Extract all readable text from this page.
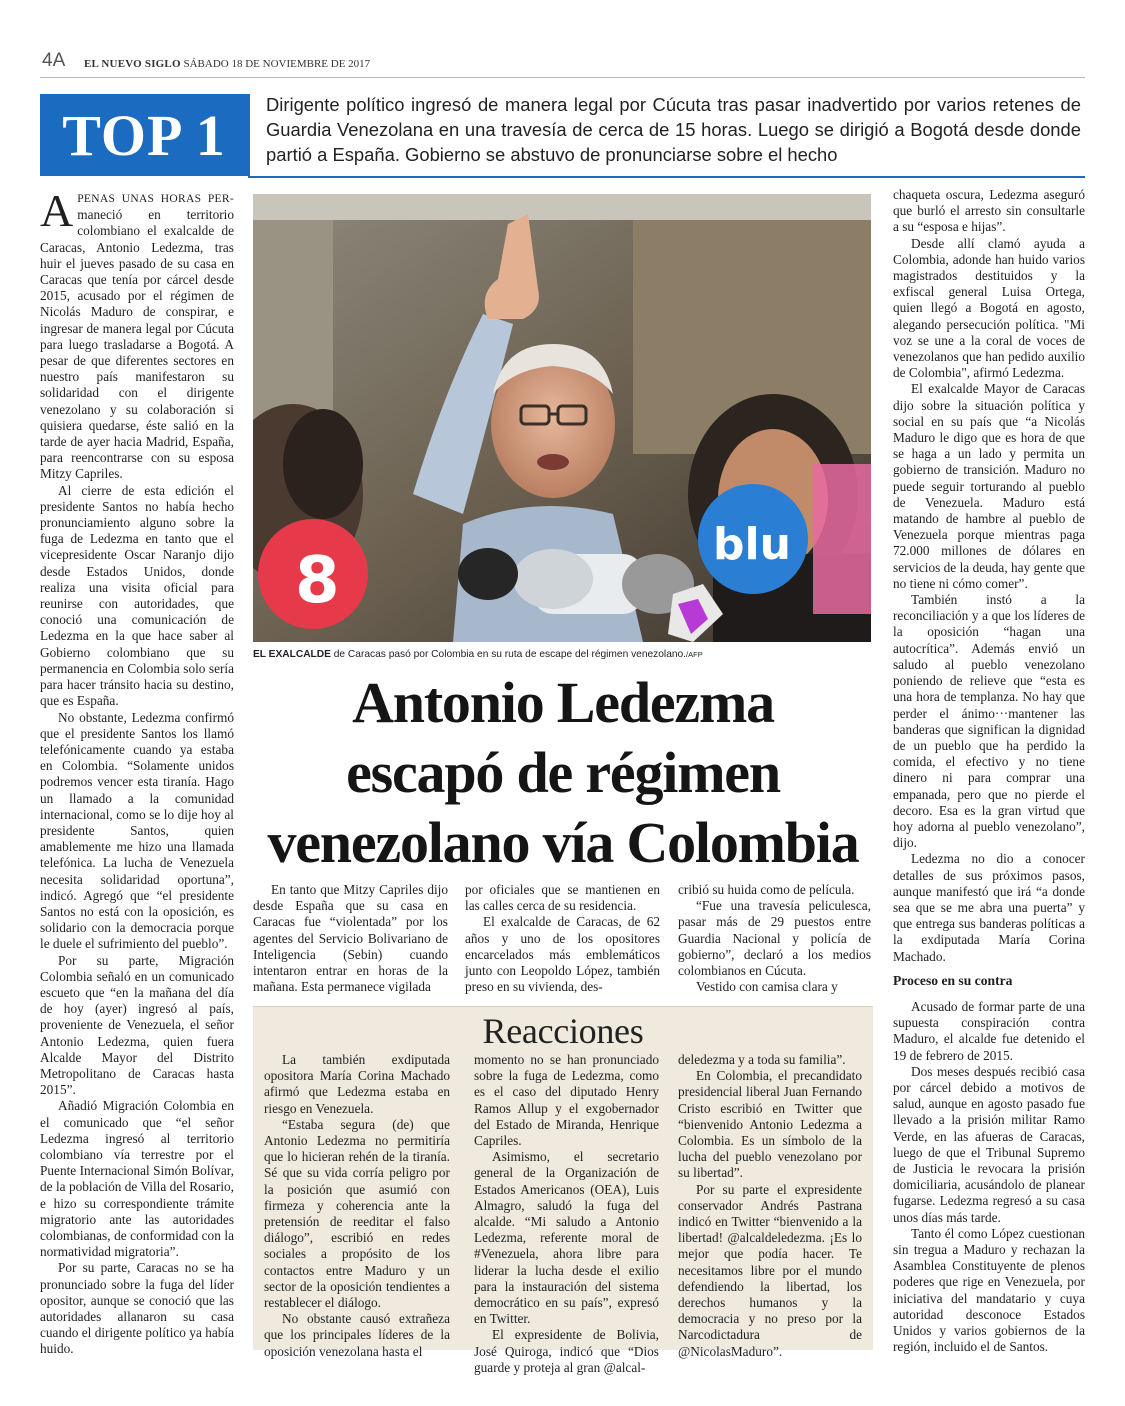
4A EL NUEVO SIGLO SÁBADO 18 DE NOVIEMBRE DE 2017
TOP 1	Dirigente político ingresó de manera legal por Cúcuta tras pasar inadvertido por varios retenes de Guardia Venezolana en una travesía de cerca de 15 horas. Luego se dirigió a Bogotá desde donde partió a España. Gobierno se abstuvo de pronunciarse sobre el hecho

APENAS UNAS HORAS PER- maneció en territorio colombiano el exalcalde de Caracas, Antonio Ledezma, tras huir el jueves pasado de su casa en Caracas que tenía por cárcel desde 2015, acusado por el régimen de Nicolás Maduro de conspirar, e ingresar de manera legal por Cúcuta para luego trasladarse a Bogotá. A pesar de que diferentes sectores en nuestro país manifestaron su solidaridad con el dirigente venezolano y su colaboración si quisiera quedarse, éste salió en la tarde de ayer hacia Madrid, España, para reencontrarse con su esposa Mitzy Capriles.

Al cierre de esta edición el presidente Santos no había hecho pronunciamiento alguno sobre la fuga de Ledezma en tanto que el vicepresidente Oscar Naranjo dijo desde Estados Unidos, donde realiza una visita oficial para reunirse con autoridades, que conoció una comunicación de Ledezma en la que hace saber al Gobierno colombiano que su permanencia en Colombia solo sería para hacer tránsito hacia su destino, que es España.

No obstante, Ledezma confirmó que el presidente Santos los llamó telefónicamente cuando ya estaba en Colombia. “Solamente unidos podremos vencer esta tiranía. Hago un llamado a la comunidad internacional, como se lo dije hoy al presidente Santos, quien amablemente me hizo una llamada telefónica. La lucha de Venezuela necesita solidaridad oportuna”, indicó. Agregó que “el presidente Santos no está con la oposición, es solidario con la democracia porque le duele el sufrimiento del pueblo”.

Por su parte, Migración Colombia señaló en un comunicado escueto que “en la mañana del día de hoy (ayer) ingresó al país, proveniente de Venezuela, el señor Antonio Ledezma, quien fuera Alcalde Mayor del Distrito Metropolitano de Caracas hasta 2015”.

Añadió Migración Colombia en el comunicado que “el señor Ledezma ingresó al territorio colombiano vía terrestre por el Puente Internacional Simón Bolívar, de la población de Villa del Rosario, e hizo su correspondiente trámite migratorio ante las autoridades colombianas, de conformidad con la normatividad migratoria”.

Por su parte, Caracas no se ha pronunciado sobre la fuga del líder opositor, aunque se conoció que las autoridades allanaron su casa cuando el dirigente político ya había huido.

8	blu
EL EXALCALDE de Caracas pasó por Colombia en su ruta de escape del régimen venezolano./AFP
Antonio Ledezma
escapó de régimen
venezolano vía Colombia

En tanto que Mitzy Capriles dijo desde España que su casa en Caracas fue “violentada” por los agentes del Servicio Bolivariano de Inteligencia (Sebin) cuando intentaron entrar en horas de la mañana. Esta permanece vigilada

por oficiales que se mantienen en las calles cerca de su residencia.

El exalcalde de Caracas, de 62 años y uno de los opositores encarcelados más emblemáticos junto con Leopoldo López, también preso en su vivienda, des-

cribió su huida como de película.

“Fue una travesía peliculesca, pasar más de 29 puestos entre Guardia Nacional y policía de gobierno”, declaró a los medios colombianos en Cúcuta.

Vestido con camisa clara y

Reacciones

La también exdiputada opositora María Corina Machado afirmó que Ledezma estaba en riesgo en Venezuela.

“Estaba segura (de) que Antonio Ledezma no permitiría que lo hicieran rehén de la tiranía. Sé que su vida corría peligro por la posición que asumió con firmeza y coherencia ante la pretensión de reeditar el falso diálogo”, escribió en redes sociales a propósito de los contactos entre Maduro y un sector de la oposición tendientes a restablecer el diálogo.

No obstante causó extrañeza que los principales líderes de la oposición venezolana hasta el

momento no se han pronunciado sobre la fuga de Ledezma, como es el caso del diputado Henry Ramos Allup y el exgobernador del Estado de Miranda, Henrique Capriles.

Asimismo, el secretario general de la Organización de Estados Americanos (OEA), Luis Almagro, saludó la fuga del alcalde. “Mi saludo a Antonio Ledezma, referente moral de #Venezuela, ahora libre para liderar la lucha desde el exilio para la instauración del sistema democrático en su país”, expresó en Twitter.

El expresidente de Bolivia, José Quiroga, indicó que “Dios guarde y proteja al gran @alcal-

deledezma y a toda su familia”.

En Colombia, el precandidato presidencial liberal Juan Fernando Cristo escribió en Twitter que “bienvenido Antonio Ledezma a Colombia. Es un símbolo de la lucha del pueblo venezolano por su libertad”.

Por su parte el expresidente conservador Andrés Pastrana indicó en Twitter “bienvenido a la libertad! @alcaldeledezma. ¡Es lo mejor que podía hacer. Te necesitamos libre por el mundo defendiendo la libertad, los derechos humanos y la democracia y no preso por la Narcodictadura de @NicolasMaduro”.

chaqueta oscura, Ledezma aseguró que burló el arresto sin consultarle a su “esposa e hijas”.

Desde allí clamó ayuda a Colombia, adonde han huido varios magistrados destituidos y la exfiscal general Luisa Ortega, quien llegó a Bogotá en agosto, alegando persecución política. "Mi voz se une a la coral de voces de venezolanos que han pedido auxilio de Colombia", afirmó Ledezma.

El exalcalde Mayor de Caracas dijo sobre la situación política y social en su país que “a Nicolás Maduro le digo que es hora de que se haga a un lado y permita un gobierno de transición. Maduro no puede seguir torturando al pueblo de Venezuela. Maduro está matando de hambre al pueblo de Venezuela porque mientras paga 72.000 millones de dólares en servicios de la deuda, hay gente que no tiene ni cómo comer”.

También instó a la reconciliación y a que los líderes de la oposición “hagan una autocrítica”. Además envió un saludo al pueblo venezolano poniendo de relieve que “esta es una hora de templanza. No hay que perder el ánimo···mantener las banderas que significan la dignidad de un pueblo que ha perdido la comida, el efectivo y no tiene dinero ni para comprar una empanada, pero que no pierde el decoro. Esa es la gran virtud que hoy adorna al pueblo venezolano”, dijo.

Ledezma no dio a conocer detalles de sus próximos pasos, aunque manifestó que irá “a donde sea que se me abra una puerta” y que entrega sus banderas políticas a la exdiputada María Corina Machado.

Proceso en su contra

Acusado de formar parte de una supuesta conspiración contra Maduro, el alcalde fue detenido el 19 de febrero de 2015.

Dos meses después recibió casa por cárcel debido a motivos de salud, aunque en agosto pasado fue llevado a la prisión militar Ramo Verde, en las afueras de Caracas, luego de que el Tribunal Supremo de Justicia le revocara la prisión domiciliaria, acusándolo de planear fugarse. Ledezma regresó a su casa unos días más tarde.

Tanto él como López cuestionan sin tregua a Maduro y rechazan la Asamblea Constituyente de plenos poderes que rige en Venezuela, por iniciativa del mandatario y cuya autoridad desconoce Estados Unidos y varios gobiernos de la región, incluido el de Santos.
